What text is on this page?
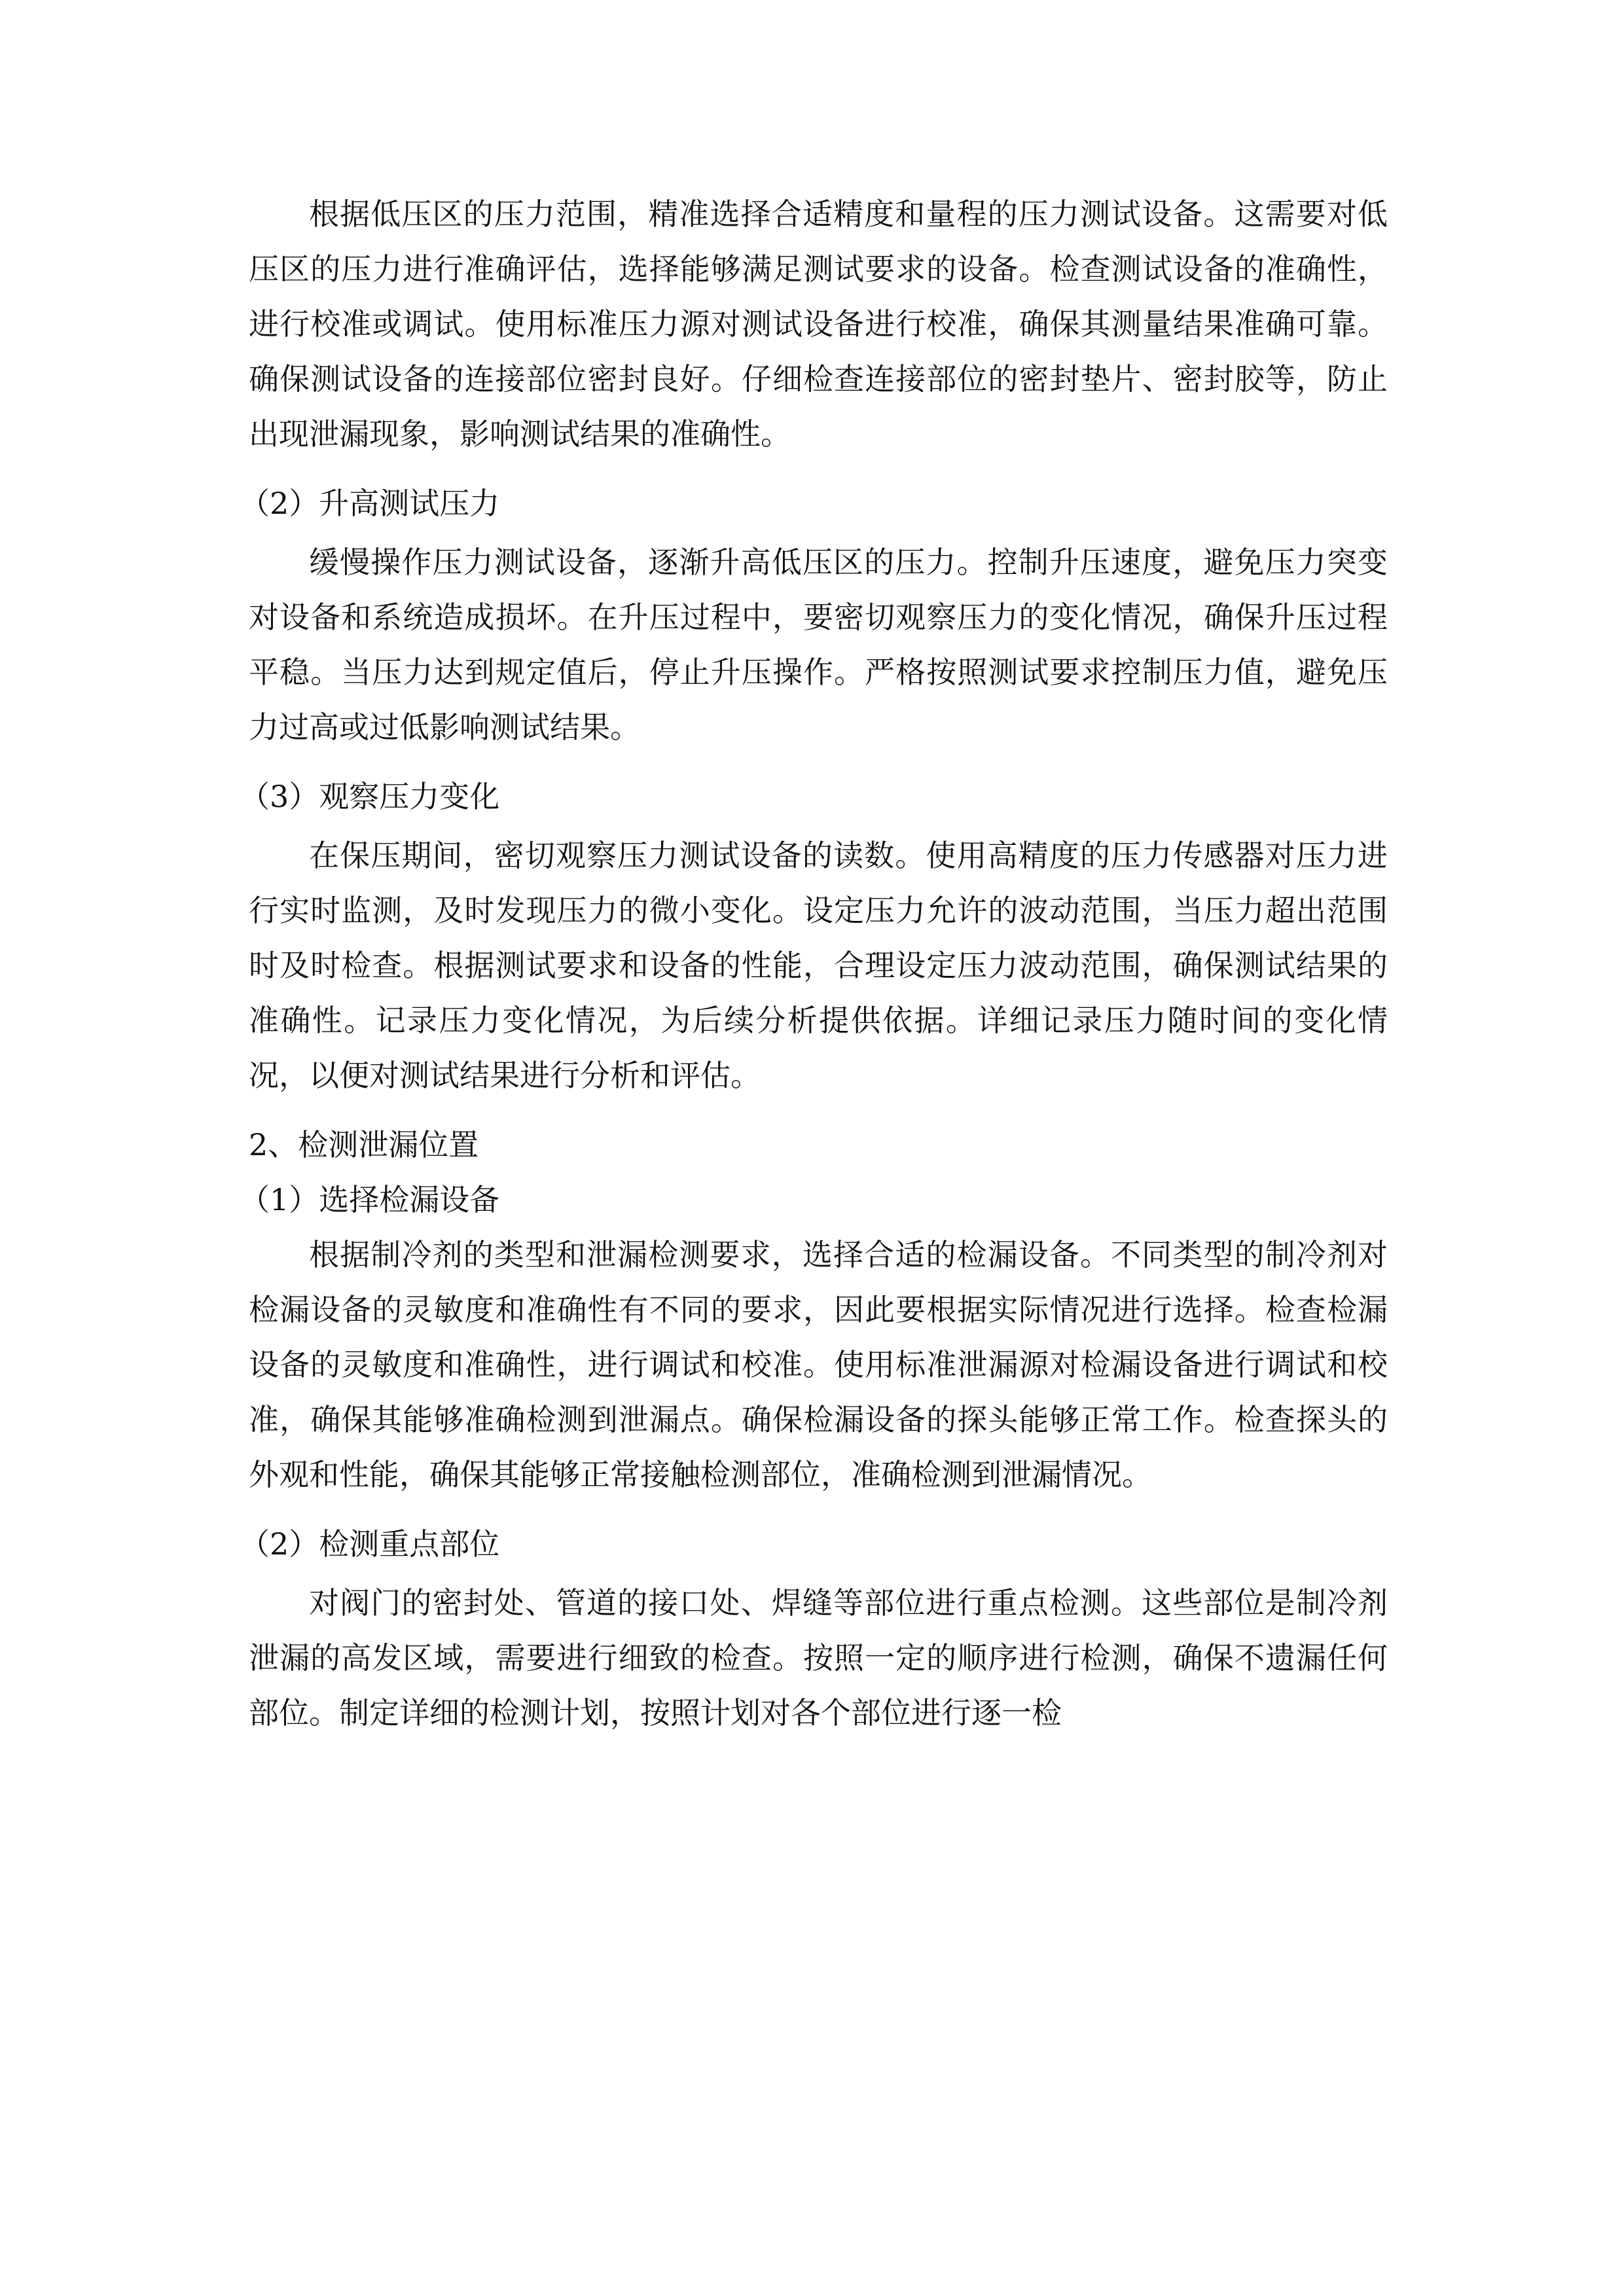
根据低压区的压力范围，精准选择合适精度和量程的压力测试设备。这需要对低压区的压力进行准确评估，选择能够满足测试要求的设备。检查测试设备的准确性，进行校准或调试。使用标准压力源对测试设备进行校准，确保其测量结果准确可靠。确保测试设备的连接部位密封良好。仔细检查连接部位的密封垫片、密封胶等，防止出现泄漏现象，影响测试结果的准确性。

（2）升高测试压力

缓慢操作压力测试设备，逐渐升高低压区的压力。控制升压速度，避免压力突变对设备和系统造成损坏。在升压过程中，要密切观察压力的变化情况，确保升压过程平稳。当压力达到规定值后，停止升压操作。严格按照测试要求控制压力值，避免压力过高或过低影响测试结果。

（3）观察压力变化

在保压期间，密切观察压力测试设备的读数。使用高精度的压力传感器对压力进行实时监测，及时发现压力的微小变化。设定压力允许的波动范围，当压力超出范围时及时检查。根据测试要求和设备的性能，合理设定压力波动范围，确保测试结果的准确性。记录压力变化情况，为后续分析提供依据。详细记录压力随时间的变化情况，以便对测试结果进行分析和评估。

2、检测泄漏位置

（1）选择检漏设备

根据制冷剂的类型和泄漏检测要求，选择合适的检漏设备。不同类型的制冷剂对检漏设备的灵敏度和准确性有不同的要求，因此要根据实际情况进行选择。检查检漏设备的灵敏度和准确性，进行调试和校准。使用标准泄漏源对检漏设备进行调试和校准，确保其能够准确检测到泄漏点。确保检漏设备的探头能够正常工作。检查探头的外观和性能，确保其能够正常接触检测部位，准确检测到泄漏情况。

（2）检测重点部位

对阀门的密封处、管道的接口处、焊缝等部位进行重点检测。这些部位是制冷剂泄漏的高发区域，需要进行细致的检查。按照一定的顺序进行检测，确保不遗漏任何部位。制定详细的检测计划，按照计划对各个部位进行逐一检
